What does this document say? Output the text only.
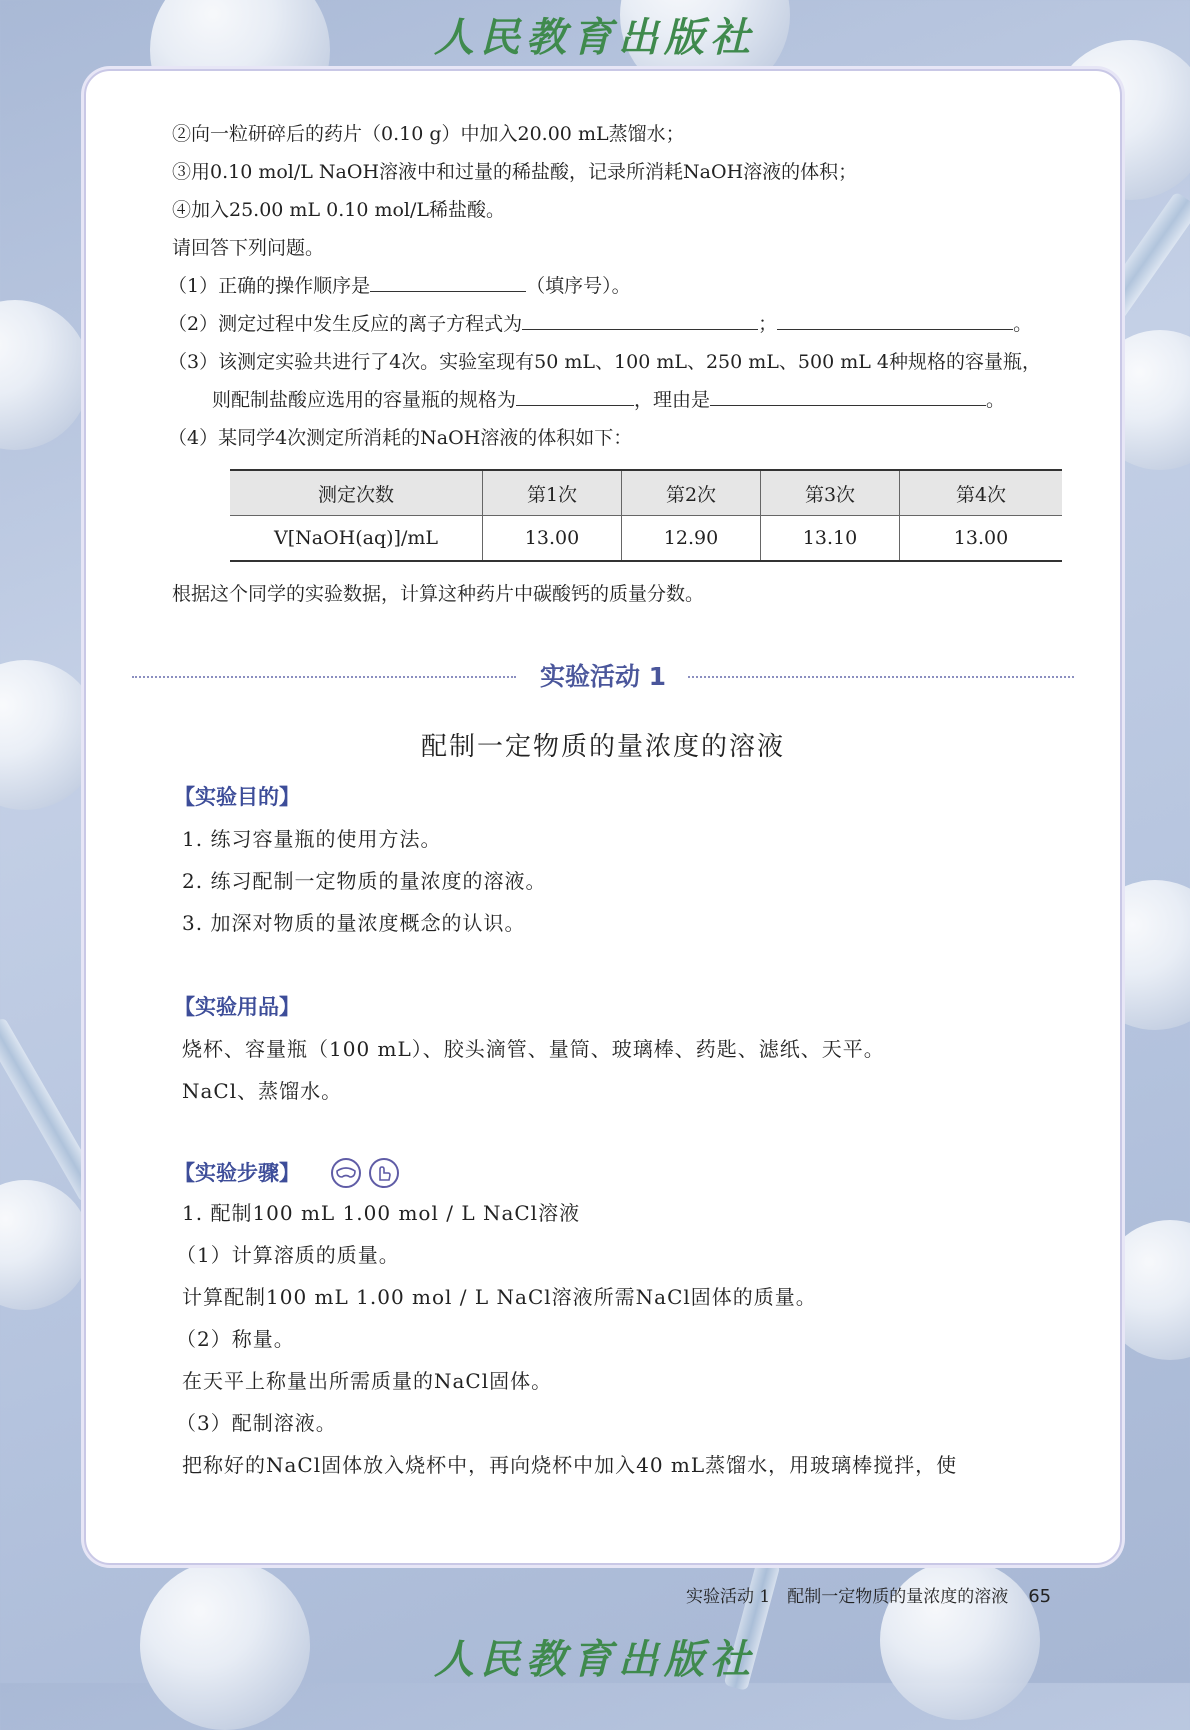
人民教育出版社
②向一粒研碎后的药片（0.10 g）中加入20.00 mL蒸馏水；
③用0.10 mol/L NaOH溶液中和过量的稀盐酸，记录所消耗NaOH溶液的体积；
④加入25.00 mL 0.10 mol/L稀盐酸。
请回答下列问题。
（1）正确的操作顺序是	（填序号）。
（2）测定过程中发生反应的离子方程式为	；	。
（3）该测定实验共进行了4次。实验室现有50 mL、100 mL、250 mL、500 mL 4种规格的容量瓶，
则配制盐酸应选用的容量瓶的规格为	，理由是	。
（4）某同学4次测定所消耗的NaOH溶液的体积如下：
测定次数	第1次	第2次	第3次	第4次
V[NaOH(aq)]/mL	13.00	12.90	13.10	13.00
根据这个同学的实验数据，计算这种药片中碳酸钙的质量分数。
实验活动 1
配制一定物质的量浓度的溶液
【实验目的】
1. 练习容量瓶的使用方法。
2. 练习配制一定物质的量浓度的溶液。
3. 加深对物质的量浓度概念的认识。
【实验用品】
烧杯、容量瓶（100 mL）、胶头滴管、量筒、玻璃棒、药匙、滤纸、天平。
NaCl、蒸馏水。
【实验步骤】
1. 配制100 mL 1.00 mol / L NaCl溶液
（1）计算溶质的质量。
计算配制100 mL 1.00 mol / L NaCl溶液所需NaCl固体的质量。
（2）称量。
在天平上称量出所需质量的NaCl固体。
（3）配制溶液。
把称好的NaCl固体放入烧杯中，再向烧杯中加入40 mL蒸馏水，用玻璃棒搅拌，使
实验活动 1　配制一定物质的量浓度的溶液 65
人民教育出版社
